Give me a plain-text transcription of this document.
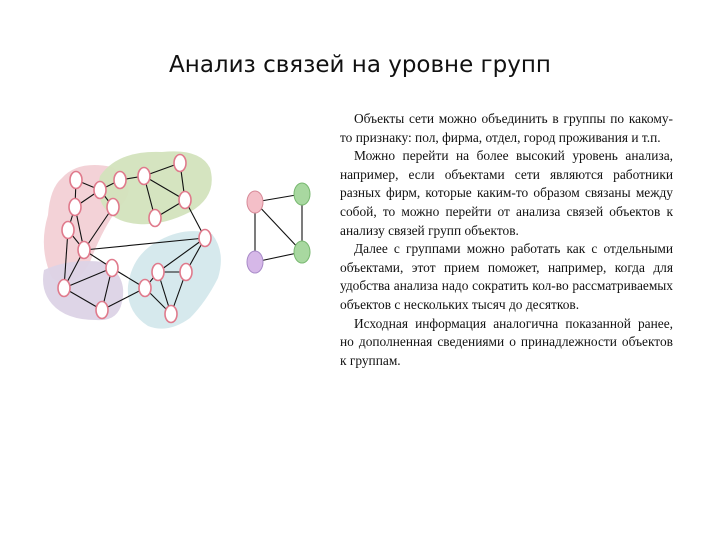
Анализ связей на уровне групп

Объекты сети можно объединить в группы по какому-то признаку: пол, фирма, отдел, город проживания и т.п.

Можно перейти на более высокий уровень анализа, например, если объектами сети являются работники разных фирм, которые каким-то образом связаны между собой, то можно перейти от анализа связей объектов к анализу связей групп объектов.

Далее с группами можно работать как с отдельными объектами, этот прием поможет, например, когда для удобства анализа надо сократить кол-во рассматриваемых объектов с нескольких тысяч до десятков.

Исходная информация аналогична показанной ранее, но дополненная сведениями о принадлежности объектов к группам.
